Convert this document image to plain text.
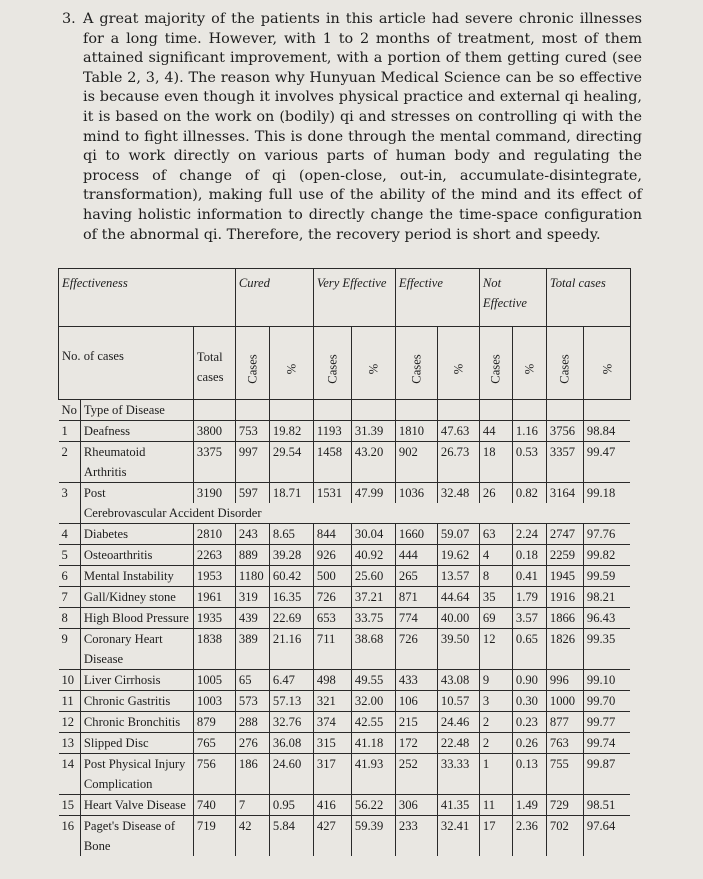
3. A great majority of the patients in this article had severe chronic illnesses for a long time. However, with 1 to 2 months of treatment, most of them attained significant improvement, with a portion of them getting cured (see Table 2, 3, 4). The reason why Hunyuan Medical Science can be so effective is because even though it involves physical practice and external qi healing, it is based on the work on (bodily) qi and stresses on controlling qi with the mind to fight illnesses. This is done through the mental command, directing qi to work directly on various parts of human body and regulating the process of change of qi (open-close, out-in, accumulate-disintegrate, transformation), making full use of the ability of the mind and its effect of having holistic information to directly change the time-space configuration of the abnormal qi. Therefore, the recovery period is short and speedy.
Effectiveness			Cured		Very Effective		Effective		Not Effective		Total cases	
No. of cases		Total cases	Cases	%	Cases	%	Cases	%	Cases	%	Cases	%
No	Type of Disease											
1	Deafness	3800	753	19.82	1193	31.39	1810	47.63	44	1.16	3756	98.84
2	Rheumatoid Arthritis	3375	997	29.54	1458	43.20	902	26.73	18	0.53	3357	99.47
3	Post	3190	597	18.71	1531	47.99	1036	32.48	26	0.82	3164	99.18
	Cerebrovascular Accident Disorder											
4	Diabetes	2810	243	8.65	844	30.04	1660	59.07	63	2.24	2747	97.76
5	Osteoarthritis	2263	889	39.28	926	40.92	444	19.62	4	0.18	2259	99.82
6	Mental Instability	1953	1180	60.42	500	25.60	265	13.57	8	0.41	1945	99.59
7	Gall/Kidney stone	1961	319	16.35	726	37.21	871	44.64	35	1.79	1916	98.21
8	High Blood Pressure	1935	439	22.69	653	33.75	774	40.00	69	3.57	1866	96.43
9	Coronary Heart Disease	1838	389	21.16	711	38.68	726	39.50	12	0.65	1826	99.35
10	Liver Cirrhosis	1005	65	6.47	498	49.55	433	43.08	9	0.90	996	99.10
11	Chronic Gastritis	1003	573	57.13	321	32.00	106	10.57	3	0.30	1000	99.70
12	Chronic Bronchitis	879	288	32.76	374	42.55	215	24.46	2	0.23	877	99.77
13	Slipped Disc	765	276	36.08	315	41.18	172	22.48	2	0.26	763	99.74
14	Post Physical Injury Complication	756	186	24.60	317	41.93	252	33.33	1	0.13	755	99.87
15	Heart Valve Disease	740	7	0.95	416	56.22	306	41.35	11	1.49	729	98.51
16	Paget's Disease of Bone	719	42	5.84	427	59.39	233	32.41	17	2.36	702	97.64
